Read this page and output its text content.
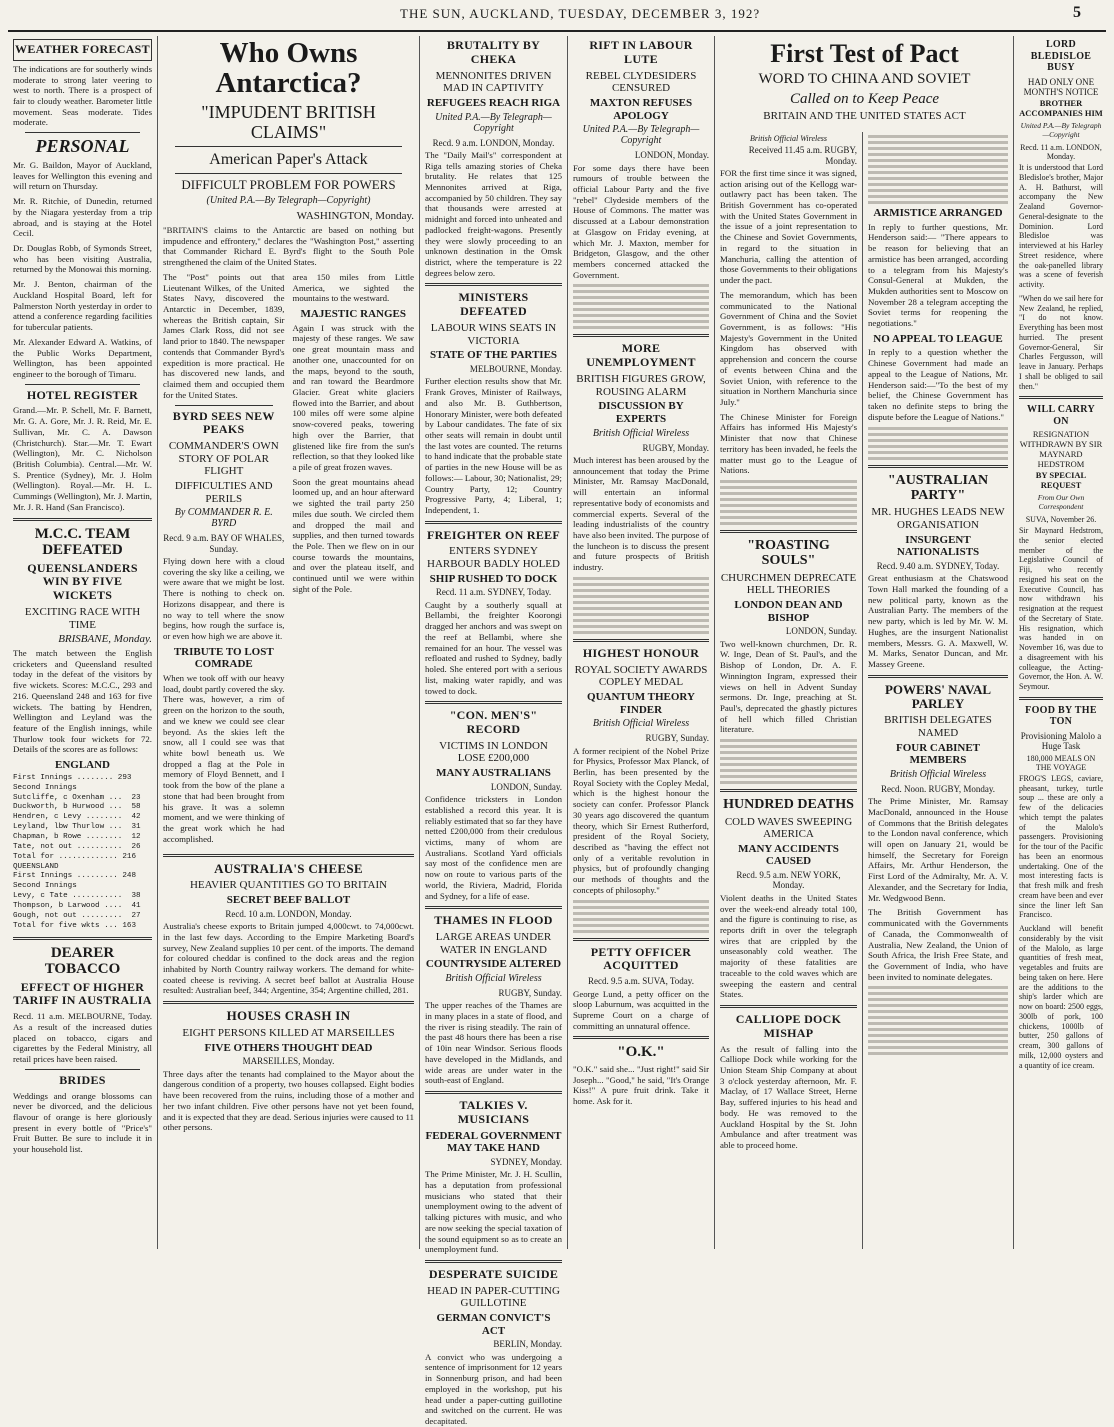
THE SUN, AUCKLAND, TUESDAY, DECEMBER 3, 192?	5
WEATHER FORECAST

The indications are for southerly winds moderate to strong later veering to west to north. There is a prospect of fair to cloudy weather. Barometer little movement. Seas moderate. Tides moderate.

PERSONAL

Mr. G. Baildon, Mayor of Auckland, leaves for Wellington this evening and will return on Thursday.

Mr. R. Ritchie, of Dunedin, returned by the Niagara yesterday from a trip abroad, and is staying at the Hotel Cecil.

Dr. Douglas Robb, of Symonds Street, who has been visiting Australia, returned by the Monowai this morning.

Mr. J. Benton, chairman of the Auckland Hospital Board, left for Palmerston North yesterday in order to attend a conference regarding facilities for tubercular patients.

Mr. Alexander Edward A. Watkins, of the Public Works Department, Wellington, has been appointed engineer to the borough of Timaru.

HOTEL REGISTER

Grand.—Mr. P. Schell, Mr. F. Barnett, Mr. G. A. Gore, Mr. J. R. Reid, Mr. E. Sullivan, Mr. C. A. Dawson (Christchurch). Star.—Mr. T. Ewart (Wellington), Mr. C. Nicholson (British Columbia). Central.—Mr. W. S. Prentice (Sydney), Mr. J. Holm (Wellington). Royal.—Mr. H. L. Cummings (Wellington), Mr. J. Martin, Mr. J. R. Hand (San Francisco).

M.C.C. TEAM DEFEATED
QUEENSLANDERS WIN BY FIVE WICKETS
EXCITING RACE WITH TIME
BRISBANE, Monday.

The match between the English cricketers and Queensland resulted today in the defeat of the visitors by five wickets. Scores: M.C.C., 293 and 216. Queensland 248 and 163 for five wickets. The batting by Hendren, Wellington and Leyland was the feature of the English innings, while Thurlow took four wickets for 72. Details of the scores are as follows:

ENGLAND
First Innings ........ 293
Second Innings
Sutcliffe, c Oxenham ...  23
Duckworth, b Hurwood ...  58
Hendren, c Levy ........  42
Leyland, lbw Thurlow ...  31
Chapman, b Rowe ........  12
Tate, not out ..........  26
Total for ............. 216
QUEENSLAND
First Innings ......... 248
Second Innings
Levy, c Tate ...........  38
Thompson, b Larwood ....  41
Gough, not out .........  27
Total for five wkts ... 163
DEARER TOBACCO
EFFECT OF HIGHER TARIFF IN AUSTRALIA

Recd. 11 a.m. MELBOURNE, Today. As a result of the increased duties placed on tobacco, cigars and cigarettes by the Federal Ministry, all retail prices have been raised.

BRIDES

Weddings and orange blossoms can never be divorced, and the delicious flavour of orange is here gloriously present in every bottle of "Price's" Fruit Butter. Be sure to include it in your household list.

Who Owns Antarctica?
"IMPUDENT BRITISH CLAIMS"
American Paper's Attack
DIFFICULT PROBLEM FOR POWERS
(United P.A.—By Telegraph—Copyright)
WASHINGTON, Monday.

"BRITAIN'S claims to the Antarctic are based on nothing but impudence and effrontery," declares the "Washington Post," asserting that Commander Richard E. Byrd's flight to the South Pole strengthened the claim of the United States.

The "Post" points out that Lieutenant Wilkes, of the United States Navy, discovered the Antarctic in December, 1839, whereas the British captain, Sir James Clark Ross, did not see land prior to 1840. The newspaper contends that Commander Byrd's expedition is more practical. He has discovered new lands, and claimed them and occupied them for the United States.

BYRD SEES NEW PEAKS
COMMANDER'S OWN STORY OF POLAR FLIGHT
DIFFICULTIES AND PERILS
By COMMANDER R. E. BYRD
Recd. 9 a.m. BAY OF WHALES, Sunday.

Flying down here with a cloud covering the sky like a ceiling, we were aware that we might be lost. There is nothing to check on. Horizons disappear, and there is no way to tell where the snow begins, how rough the surface is, or even how high we are above it.

TRIBUTE TO LOST COMRADE

When we took off with our heavy load, doubt partly covered the sky. There was, however, a rim of green on the horizon to the south, and we knew we could see clear beyond. As the skies left the snow, all I could see was that white bowl beneath us. We dropped a flag at the Pole in memory of Floyd Bennett, and I took from the bow of the plane a stone that had been brought from his grave. It was a solemn moment, and we were thinking of the great work which he had accomplished.

area 150 miles from Little America, we sighted the mountains to the westward.

MAJESTIC RANGES

Again I was struck with the majesty of these ranges. We saw one great mountain mass and another one, unaccounted for on the maps, beyond to the south, and ran toward the Beardmore Glacier. Great white glaciers flowed into the Barrier, and about 100 miles off were some alpine snow-covered peaks, towering high over the Barrier, that glistened like fire from the sun's reflection, so that they looked like a pile of great frozen waves.

Soon the great mountains ahead loomed up, and an hour afterward we sighted the trail party 250 miles due south. We circled them and dropped the mail and supplies, and then turned towards the Pole. Then we flew on in our course towards the mountains, and over the plateau itself, and continued until we were within sight of the Pole.

AUSTRALIA'S CHEESE
HEAVIER QUANTITIES GO TO BRITAIN
SECRET BEEF BALLOT
Recd. 10 a.m. LONDON, Monday.

Australia's cheese exports to Britain jumped 4,000cwt. to 74,000cwt. in the last few days. According to the Empire Marketing Board's survey, New Zealand supplies 10 per cent. of the imports. The demand for coloured cheddar is confined to the dock areas and the region inhabited by North Country railway workers. The demand for white-coated cheese is reviving. A secret beef ballot at Australia House resulted: Australian beef, 344; Argentine, 354; Argentine chilled, 281.

HOUSES CRASH IN
EIGHT PERSONS KILLED AT MARSEILLES
FIVE OTHERS THOUGHT DEAD
MARSEILLES, Monday.

Three days after the tenants had complained to the Mayor about the dangerous condition of a property, two houses collapsed. Eight bodies have been recovered from the ruins, including those of a mother and her two infant children. Five other persons have not yet been found, and it is expected that they are dead. Serious injuries were caused to 11 other persons.

BRUTALITY BY CHEKA
MENNONITES DRIVEN MAD IN CAPTIVITY
REFUGEES REACH RIGA
United P.A.—By Telegraph—Copyright
Recd. 9 a.m. LONDON, Monday.

The "Daily Mail's" correspondent at Riga tells amazing stories of Cheka brutality. He relates that 125 Mennonites arrived at Riga, accompanied by 50 children. They say that thousands were arrested at midnight and forced into unheated and padlocked freight-wagons. Presently they were slowly proceeding to an unknown destination in the Omsk district, where the temperature is 22 degrees below zero.

MINISTERS DEFEATED
LABOUR WINS SEATS IN VICTORIA
STATE OF THE PARTIES
MELBOURNE, Monday.

Further election results show that Mr. Frank Groves, Minister of Railways, and also Mr. B. Guthbertson, Honorary Minister, were both defeated by Labour candidates. The fate of six other seats will remain in doubt until the last votes are counted. The returns to hand indicate that the probable state of parties in the new House will be as follows:— Labour, 30; Nationalist, 29; Country Party, 12; Country Progressive Party, 4; Liberal, 1; Independent, 1.

FREIGHTER ON REEF
ENTERS SYDNEY HARBOUR BADLY HOLED
SHIP RUSHED TO DOCK
Recd. 11 a.m. SYDNEY, Today.

Caught by a southerly squall at Bellambi, the freighter Koorongi dragged her anchors and was swept on the reef at Bellambi, where she remained for an hour. The vessel was refloated and rushed to Sydney, badly holed. She entered port with a serious list, making water rapidly, and was towed to dock.

"CON. MEN'S" RECORD
VICTIMS IN LONDON LOSE £200,000
MANY AUSTRALIANS
LONDON, Sunday.

Confidence tricksters in London established a record this year. It is reliably estimated that so far they have netted £200,000 from their credulous victims, many of whom are Australians. Scotland Yard officials say most of the confidence men are now on route to various parts of the world, the Riviera, Madrid, Florida and Sydney, for a life of ease.

THAMES IN FLOOD
LARGE AREAS UNDER WATER IN ENGLAND
COUNTRYSIDE ALTERED
British Official Wireless
RUGBY, Sunday.

The upper reaches of the Thames are in many places in a state of flood, and the river is rising steadily. The rain of the past 48 hours there has been a rise of 10in near Windsor. Serious floods have developed in the Midlands, and wide areas are under water in the south-east of England.

TALKIES V. MUSICIANS
FEDERAL GOVERNMENT MAY TAKE HAND
SYDNEY, Monday.

The Prime Minister, Mr. J. H. Scullin, has a deputation from professional musicians who stated that their unemployment owing to the advent of talking pictures with music, and who are now seeking the special taxation of the sound equipment so as to create an unemployment fund.

DESPERATE SUICIDE
HEAD IN PAPER-CUTTING GUILLOTINE
GERMAN CONVICT'S ACT
BERLIN, Monday.

A convict who was undergoing a sentence of imprisonment for 12 years in Sonnenburg prison, and had been employed in the workshop, put his head under a paper-cutting guillotine and switched on the current. He was decapitated.

RIFT IN LABOUR LUTE
REBEL CLYDESIDERS CENSURED
MAXTON REFUSES APOLOGY
United P.A.—By Telegraph—Copyright
LONDON, Monday.

For some days there have been rumours of trouble between the official Labour Party and the five "rebel" Clydeside members of the House of Commons. The matter was discussed at a Labour demonstration at Glasgow on Friday evening, at which Mr. J. Maxton, member for Bridgeton, Glasgow, and the other members concerned attacked the Government.

MORE UNEMPLOYMENT
BRITISH FIGURES GROW, ROUSING ALARM
DISCUSSION BY EXPERTS
British Official Wireless
RUGBY, Monday.

Much interest has been aroused by the announcement that today the Prime Minister, Mr. Ramsay MacDonald, will entertain an informal representative body of economists and commercial experts. Several of the leading industrialists of the country have also been invited. The purpose of the luncheon is to discuss the present and future prospects of British industry.

HIGHEST HONOUR
ROYAL SOCIETY AWARDS COPLEY MEDAL
QUANTUM THEORY FINDER
British Official Wireless
RUGBY, Sunday.

A former recipient of the Nobel Prize for Physics, Professor Max Planck, of Berlin, has been presented by the Royal Society with the Copley Medal, which is the highest honour the society can confer. Professor Planck 30 years ago discovered the quantum theory, which Sir Ernest Rutherford, president of the Royal Society, described as "having the effect not only of a veritable revolution in physics, but of profoundly changing our methods of thoughts and the concepts of philosophy."

PETTY OFFICER ACQUITTED
Recd. 9.5 a.m. SUVA, Today.

George Lund, a petty officer on the sloop Laburnum, was acquitted in the Supreme Court on a charge of committing an unnatural offence.

"O.K."

"O.K." said she... "Just right!" said Sir Joseph... "Good," he said, "It's Orange Kiss!" A pure fruit drink. Take it home. Ask for it.

British Official Wireless
Received 11.45 a.m. RUGBY, Monday.

FOR the first time since it was signed, action arising out of the Kellogg war-outlawry pact has been taken. The British Government has co-operated with the United States Government in the issue of a joint representation to the Chinese and Soviet Governments, in regard to the situation in Manchuria, calling the attention of those Governments to their obligations under the pact.

The memorandum, which has been communicated to the National Government of China and the Soviet Government, is as follows: "His Majesty's Government in the United Kingdom has observed with apprehension and concern the course of events between China and the Soviet Union, with reference to the situation in Northern Manchuria since July."

The Chinese Minister for Foreign Affairs has informed His Majesty's Minister that now that Chinese territory has been invaded, he feels the matter must go to the League of Nations.

"ROASTING SOULS"
CHURCHMEN DEPRECATE HELL THEORIES
LONDON DEAN AND BISHOP
LONDON, Sunday.

Two well-known churchmen, Dr. R. W. Inge, Dean of St. Paul's, and the Bishop of London, Dr. A. F. Winnington Ingram, expressed their views on hell in Advent Sunday sermons. Dr. Inge, preaching at St. Paul's, deprecated the ghastly pictures of hell which filled Christian literature.

HUNDRED DEATHS
COLD WAVES SWEEPING AMERICA
MANY ACCIDENTS CAUSED
Recd. 9.5 a.m. NEW YORK, Monday.

Violent deaths in the United States over the week-end already total 100, and the figure is continuing to rise, as reports drift in over the telegraph wires that are crippled by the unseasonably cold weather. The majority of these fatalities are traceable to the cold waves which are sweeping the eastern and central States.

CALLIOPE DOCK MISHAP

As the result of falling into the Calliope Dock while working for the Union Steam Ship Company at about 3 o'clock yesterday afternoon, Mr. F. Maclay, of 17 Wallace Street, Herne Bay, suffered injuries to his head and body. He was removed to the Auckland Hospital by the St. John Ambulance and after treatment was able to proceed home.

ARMISTICE ARRANGED

In reply to further questions, Mr. Henderson said:— "There appears to be reason for believing that an armistice has been arranged, according to a telegram from his Majesty's Consul-General at Mukden, the Mukden authorities sent to Moscow on November 28 a telegram accepting the Soviet terms for reopening the negotiations."

NO APPEAL TO LEAGUE

In reply to a question whether the Chinese Government had made an appeal to the League of Nations, Mr. Henderson said:—"To the best of my belief, the Chinese Government has taken no definite steps to bring the dispute before the League of Nations."

"AUSTRALIAN PARTY"
MR. HUGHES LEADS NEW ORGANISATION
INSURGENT NATIONALISTS
Recd. 9.40 a.m. SYDNEY, Today.

Great enthusiasm at the Chatswood Town Hall marked the founding of a new political party, known as the Australian Party. The members of the new party, which is led by Mr. W. M. Hughes, are the insurgent Nationalist members, Messrs. G. A. Maxwell, W. M. Marks, Senator Duncan, and Mr. Massey Greene.

POWERS' NAVAL PARLEY
BRITISH DELEGATES NAMED
FOUR CABINET MEMBERS
British Official Wireless
Recd. Noon. RUGBY, Monday.

The Prime Minister, Mr. Ramsay MacDonald, announced in the House of Commons that the British delegates to the London naval conference, which will open on January 21, would be himself, the Secretary for Foreign Affairs, Mr. Arthur Henderson, the First Lord of the Admiralty, Mr. A. V. Alexander, and the Secretary for India, Mr. Wedgwood Benn.

The British Government has communicated with the Governments of Canada, the Commonwealth of Australia, New Zealand, the Union of South Africa, the Irish Free State, and the Government of India, who have been invited to nominate delegates.

First Test of Pact
WORD TO CHINA AND SOVIET
Called on to Keep Peace
BRITAIN AND THE UNITED STATES ACT
LORD BLEDISLOE BUSY
HAD ONLY ONE MONTH'S NOTICE
BROTHER ACCOMPANIES HIM
United P.A.—By Telegraph—Copyright
Recd. 11 a.m. LONDON, Monday.

It is understood that Lord Bledisloe's brother, Major A. H. Bathurst, will accompany the New Zealand Governor-General-designate to the Dominion. Lord Bledisloe was interviewed at his Harley Street residence, where the oak-panelled library was a scene of feverish activity.

"When do we sail here for New Zealand, he replied, "I do not know. Everything has been most hurried. The present Governor-General, Sir Charles Fergusson, will leave in January. Perhaps I shall be obliged to sail then."

WILL CARRY ON
RESIGNATION WITHDRAWN BY SIR MAYNARD HEDSTROM
BY SPECIAL REQUEST
From Our Own Correspondent
SUVA, November 26.

Sir Maynard Hedstrom, the senior elected member of the Legislative Council of Fiji, who recently resigned his seat on the Executive Council, has now withdrawn his resignation at the request of the Secretary of State. His resignation, which was handed in on November 16, was due to a disagreement with his colleague, the Acting-Governor, the Hon. A. W. Seymour.

FOOD BY THE TON
Provisioning Malolo a Huge Task
180,000 MEALS ON THE VOYAGE

FROG'S LEGS, caviare, pheasant, turkey, turtle soup ... these are only a few of the delicacies which tempt the palates of the Malolo's passengers. Provisioning for the tour of the Pacific has been an enormous undertaking. One of the most interesting facts is that fresh milk and fresh cream have been and ever since the liner left San Francisco.

Auckland will benefit considerably by the visit of the Malolo, as large quantities of fresh meat, vegetables and fruits are being taken on here. Here are the additions to the ship's larder which are now on board: 2500 eggs, 300lb of pork, 100 chickens, 1000lb of butter, 250 gallons of cream, 300 gallons of milk, 12,000 oysters and a quantity of ice cream.
